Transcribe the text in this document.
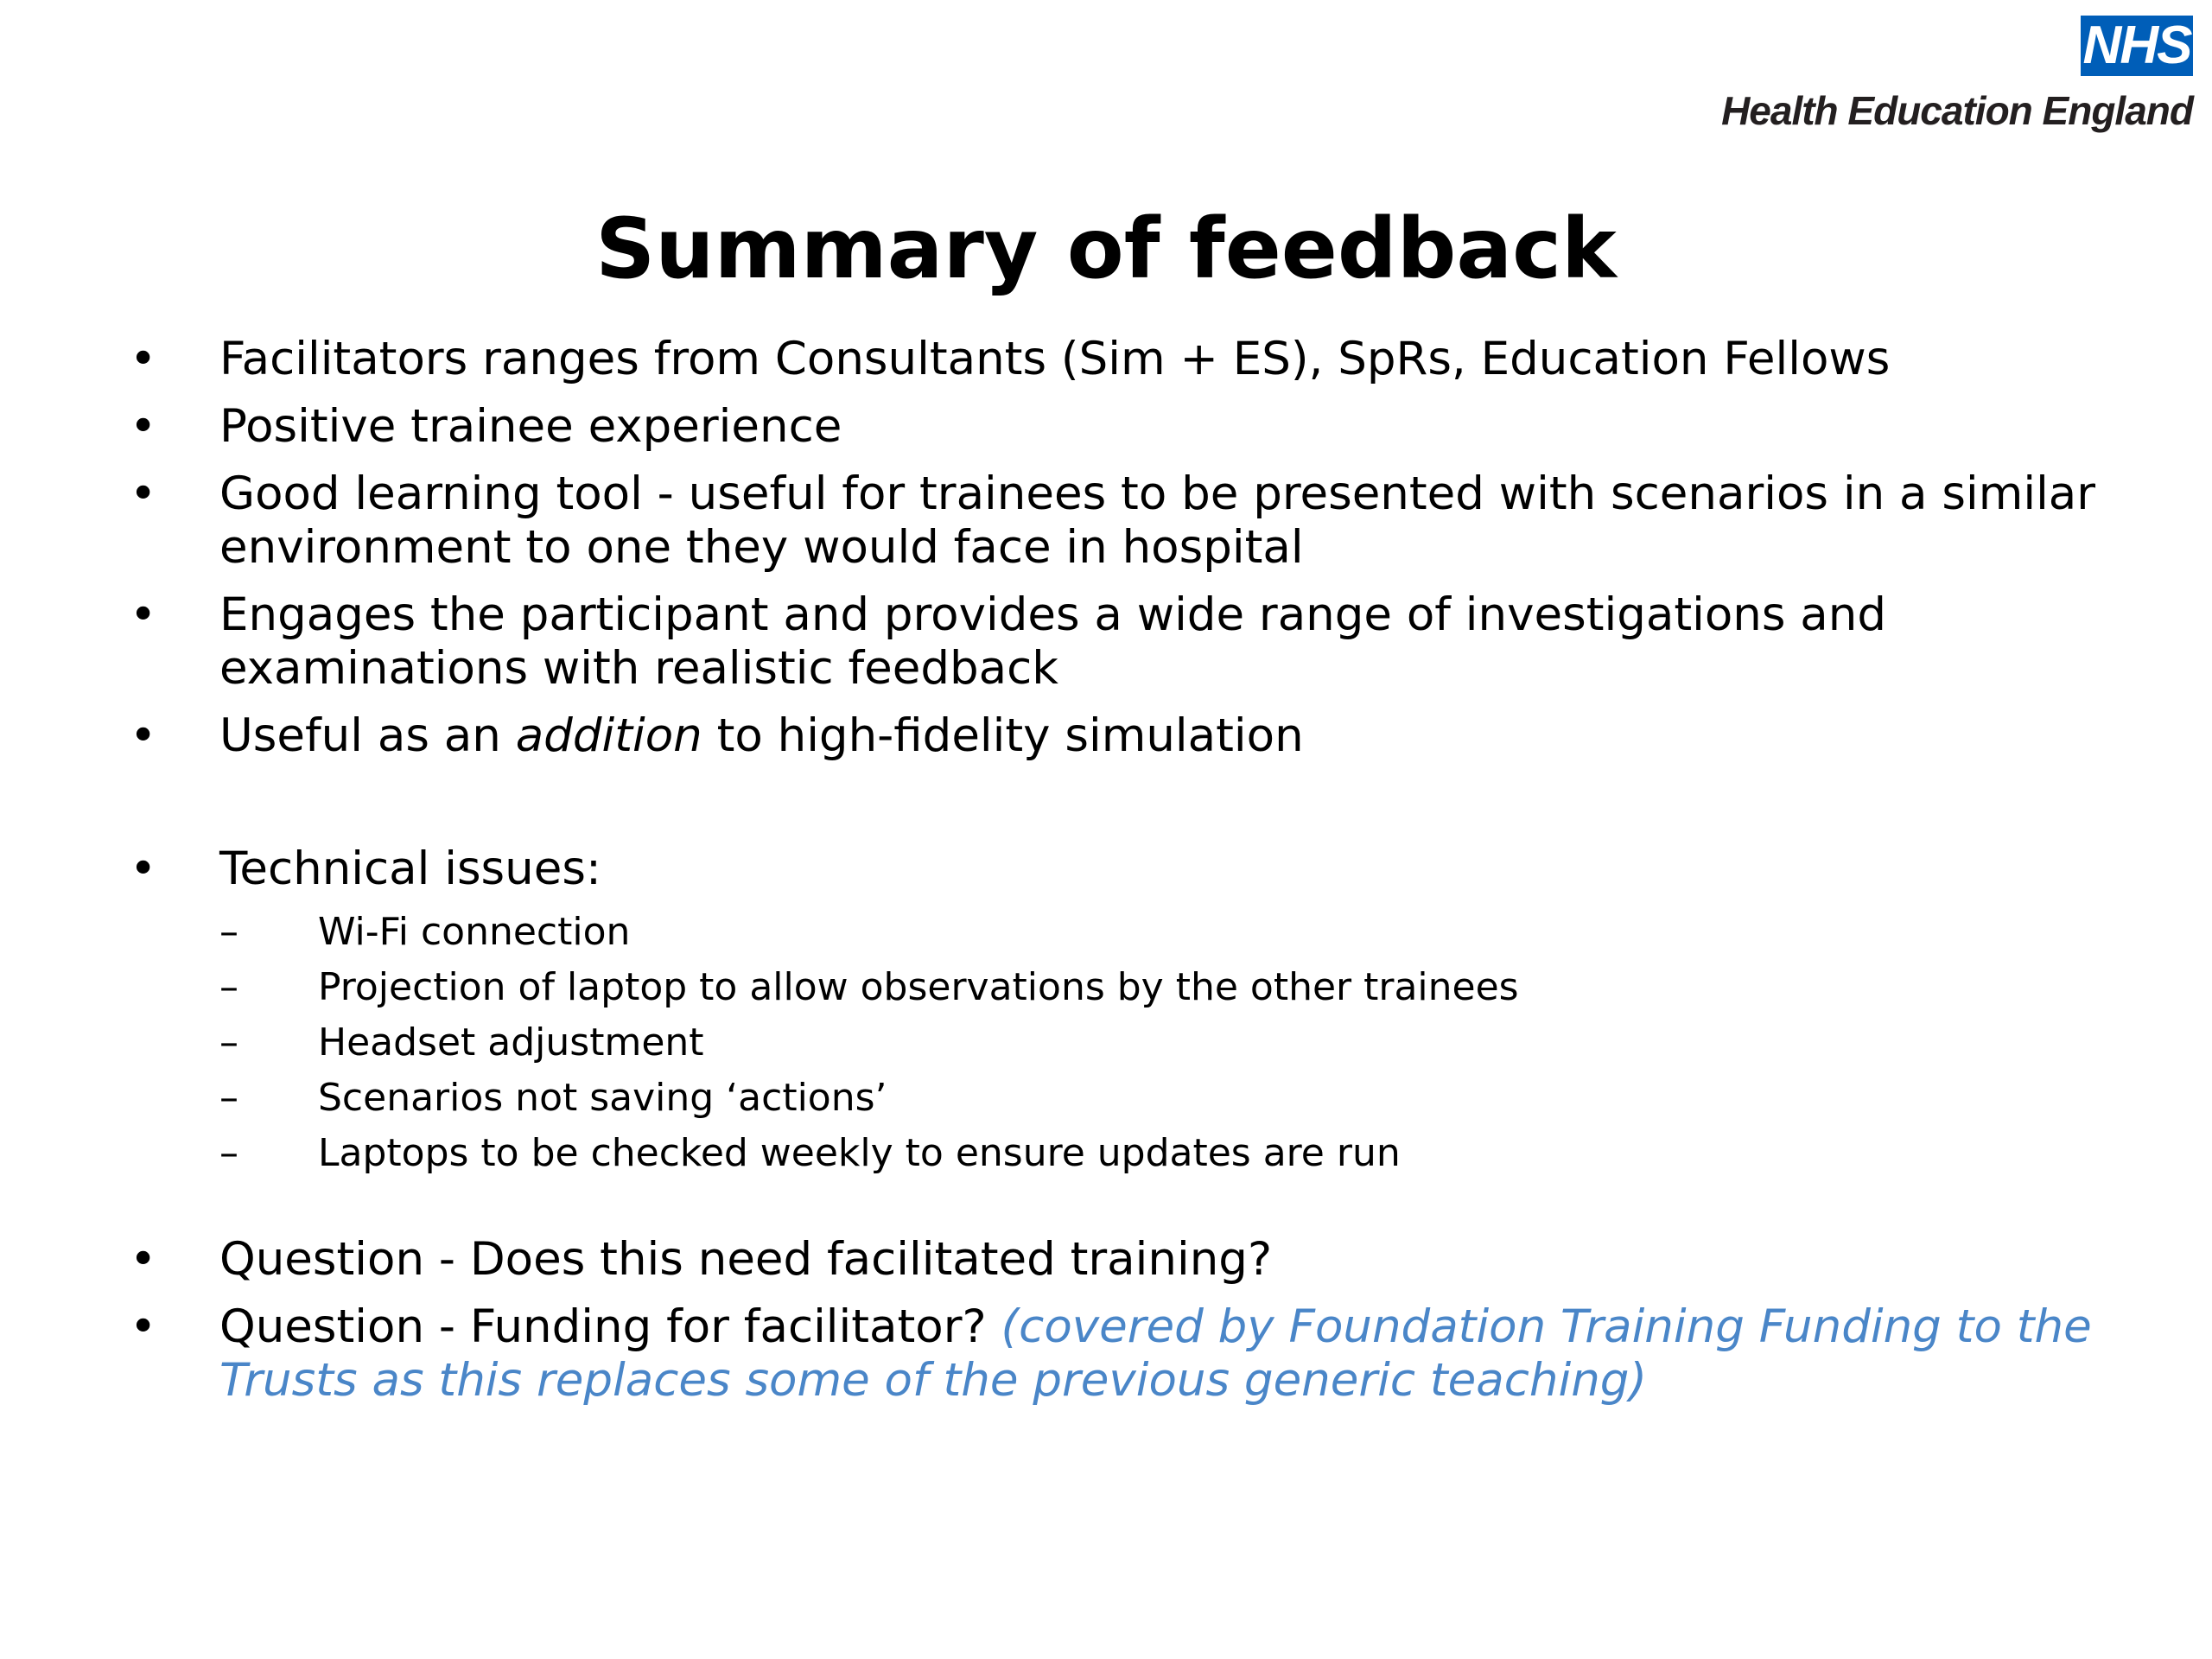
NHS
Health Education England
Summary of feedback
• Facilitators ranges from Consultants (Sim + ES), SpRs, Education Fellows
• Positive trainee experience
• Good learning tool - useful for trainees to be presented with scenarios in a similar environment to one they would face in hospital
• Engages the participant and provides a wide range of investigations and examinations with realistic feedback
• Useful as an addition to high-fidelity simulation
• Technical issues:
– Wi-Fi connection
– Projection of laptop to allow observations by the other trainees
– Headset adjustment
– Scenarios not saving ‘actions’
– Laptops to be checked weekly to ensure updates are run
• Question - Does this need facilitated training?
• Question - Funding for facilitator? (covered by Foundation Training Funding to the Trusts as this replaces some of the previous generic teaching)
